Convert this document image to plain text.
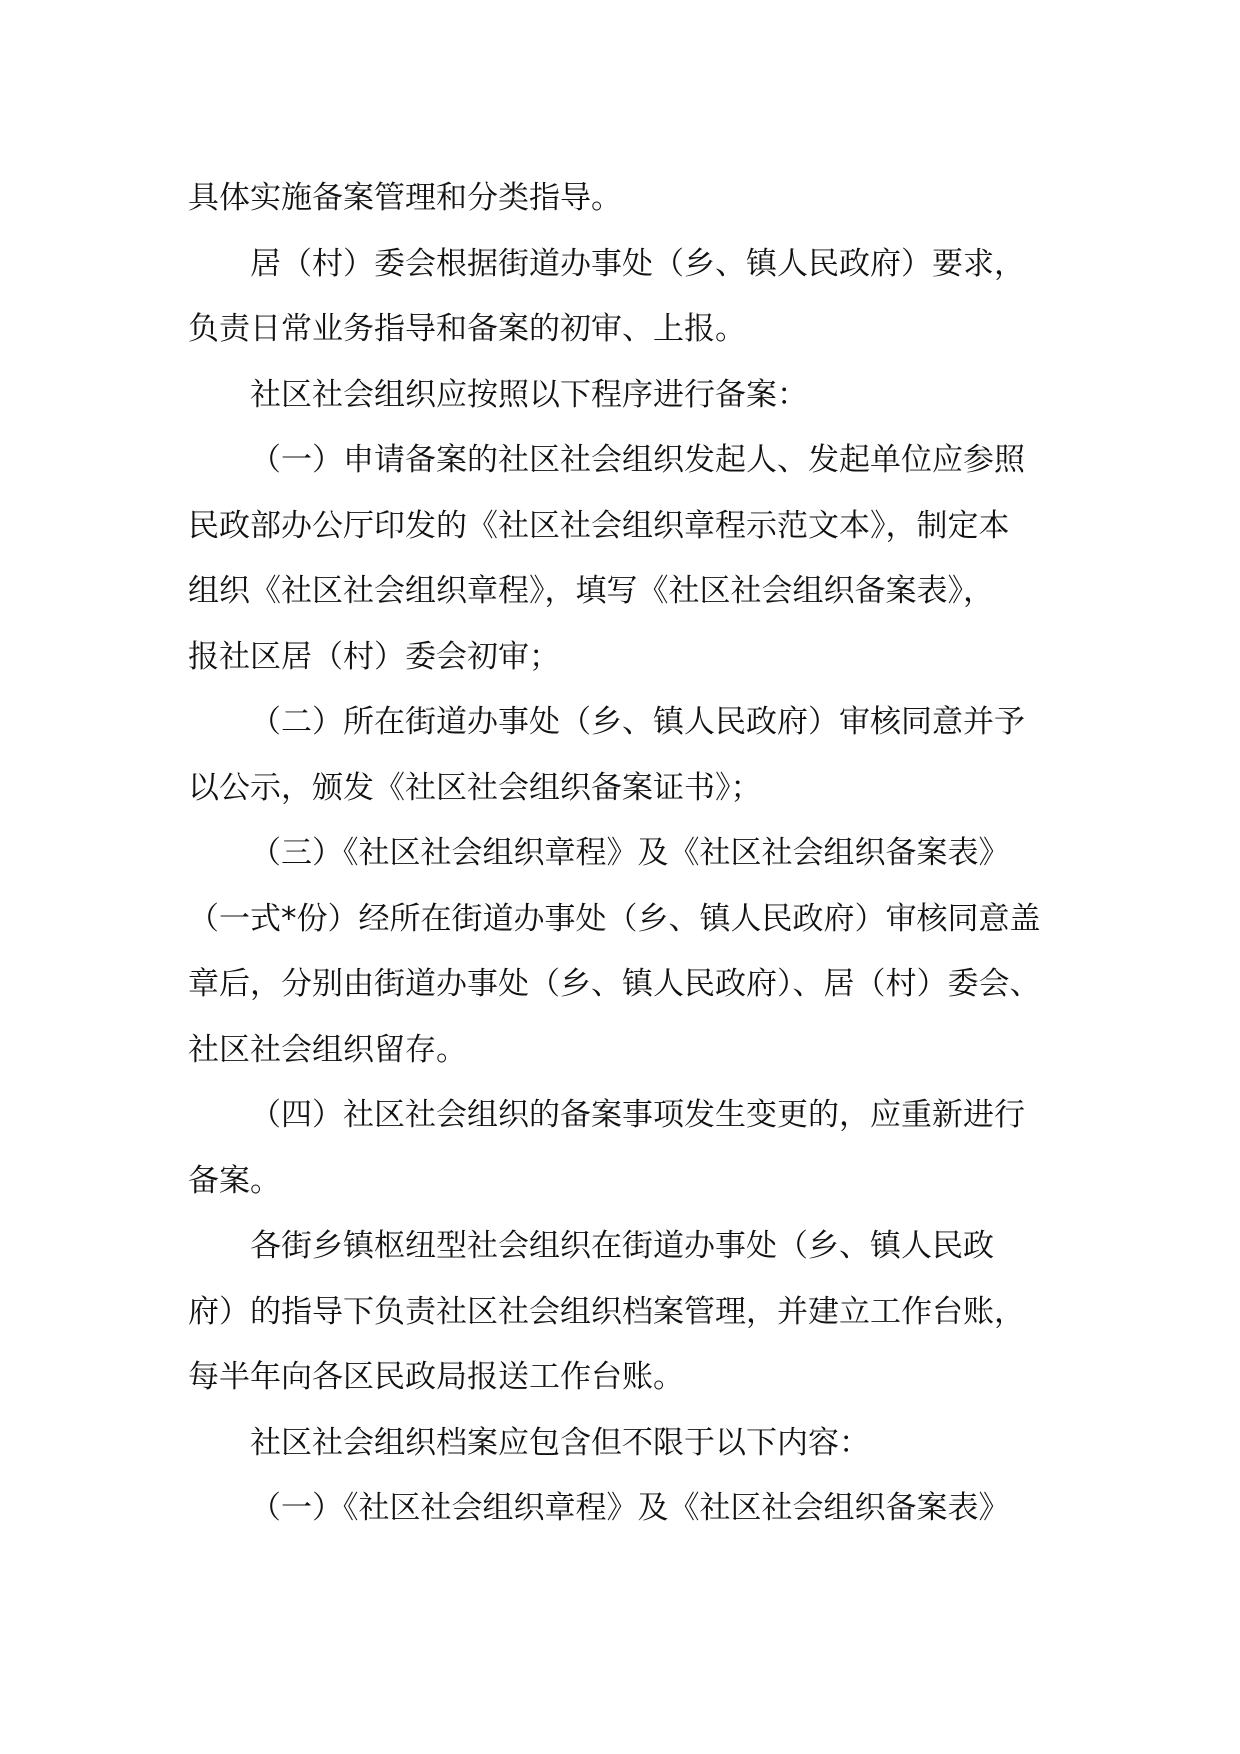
具体实施备案管理和分类指导。
居（村）委会根据街道办事处（乡、镇人民政府）要求，
负责日常业务指导和备案的初审、上报。
社区社会组织应按照以下程序进行备案：
（一）申请备案的社区社会组织发起人、发起单位应参照
民政部办公厅印发的《社区社会组织章程示范文本》，制定本
组织《社区社会组织章程》，填写《社区社会组织备案表》，
报社区居（村）委会初审；
（二）所在街道办事处（乡、镇人民政府）审核同意并予
以公示，颁发《社区社会组织备案证书》；
（三）《社区社会组织章程》及《社区社会组织备案表》
（一式*份）经所在街道办事处（乡、镇人民政府）审核同意盖
章后，分别由街道办事处（乡、镇人民政府）、居（村）委会、
社区社会组织留存。
（四）社区社会组织的备案事项发生变更的，应重新进行
备案。
各街乡镇枢纽型社会组织在街道办事处（乡、镇人民政
府）的指导下负责社区社会组织档案管理，并建立工作台账，
每半年向各区民政局报送工作台账。
社区社会组织档案应包含但不限于以下内容：
（一）《社区社会组织章程》及《社区社会组织备案表》
